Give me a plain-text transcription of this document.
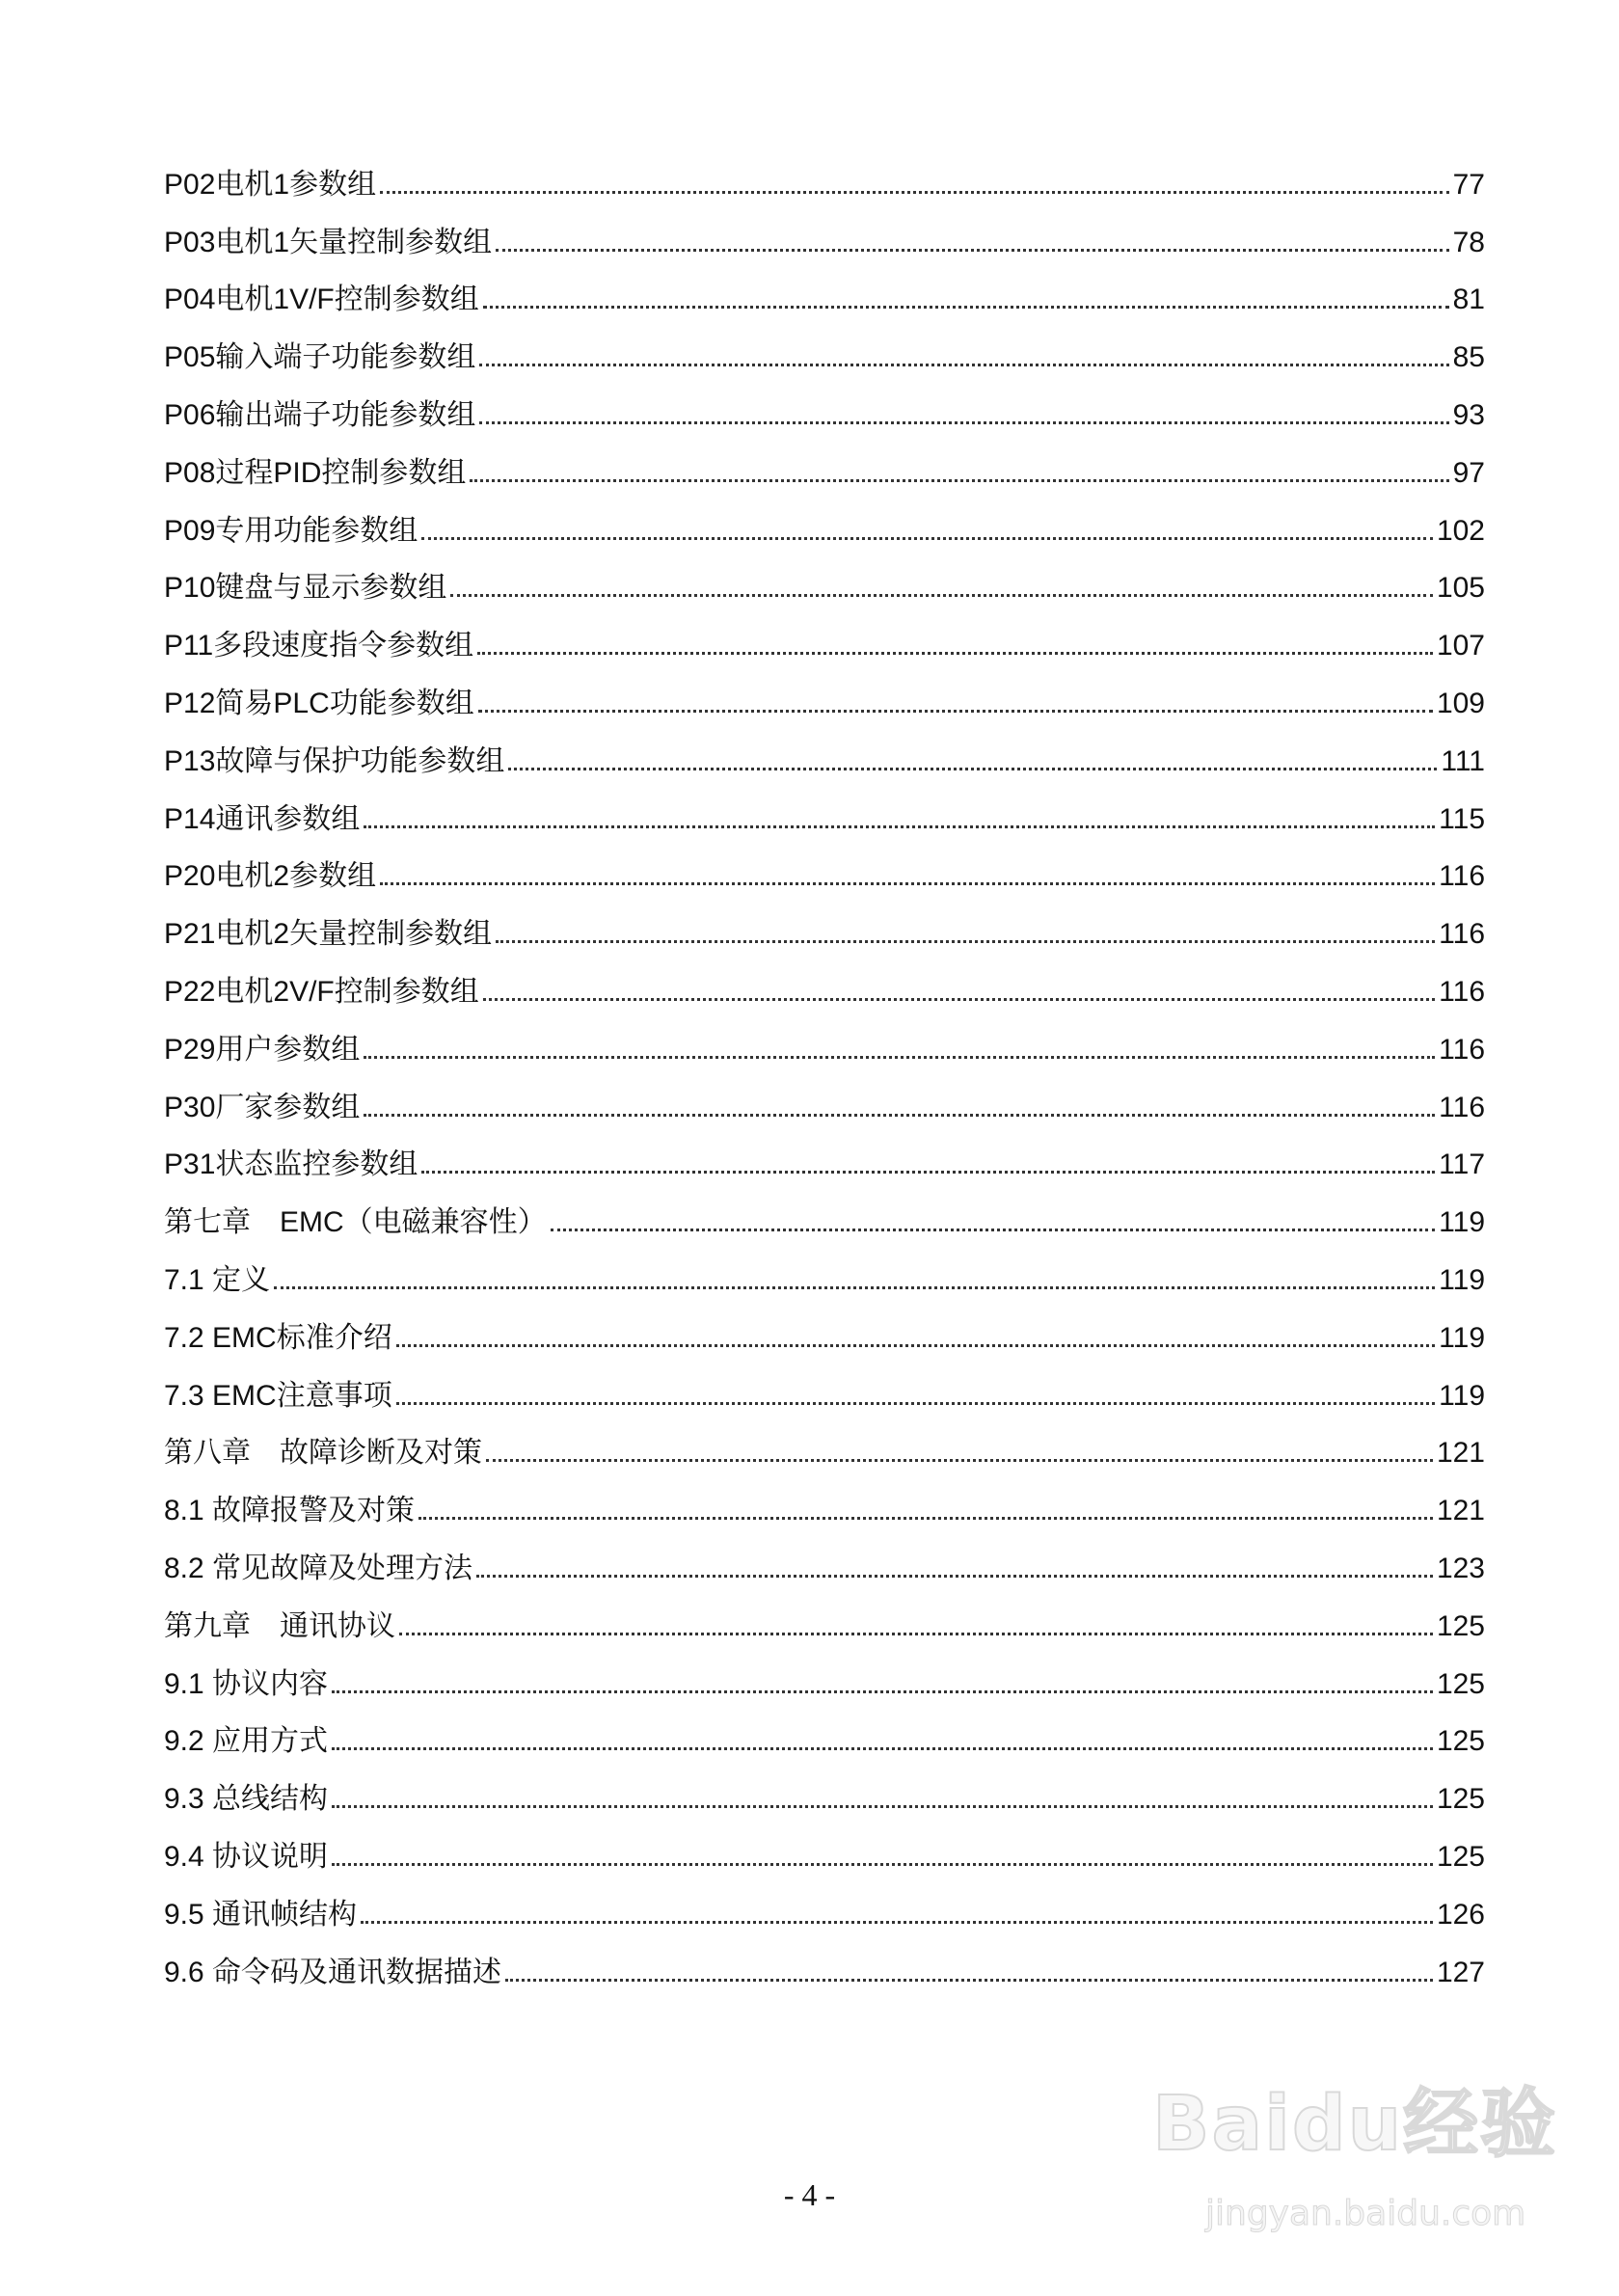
P02电机1参数组	77
P03电机1矢量控制参数组	78
P04电机1V/F控制参数组	81
P05输入端子功能参数组	85
P06输出端子功能参数组	93
P08过程PID控制参数组	97
P09专用功能参数组	102
P10键盘与显示参数组	105
P11多段速度指令参数组	107
P12简易PLC功能参数组	109
P13故障与保护功能参数组	111
P14通讯参数组	115
P20电机2参数组	116
P21电机2矢量控制参数组	116
P22电机2V/F控制参数组	116
P29用户参数组	116
P30厂家参数组	116
P31状态监控参数组	117
第七章　EMC（电磁兼容性）	119
7.1 定义	119
7.2 EMC标准介绍	119
7.3 EMC注意事项	119
第八章　故障诊断及对策	121
8.1 故障报警及对策	121
8.2 常见故障及处理方法	123
第九章　通讯协议	125
9.1 协议内容	125
9.2 应用方式	125
9.3 总线结构	125
9.4 协议说明	125
9.5 通讯帧结构	126
9.6 命令码及通讯数据描述	127
- 4 -
Baidu经验
jingyan.baidu.com
